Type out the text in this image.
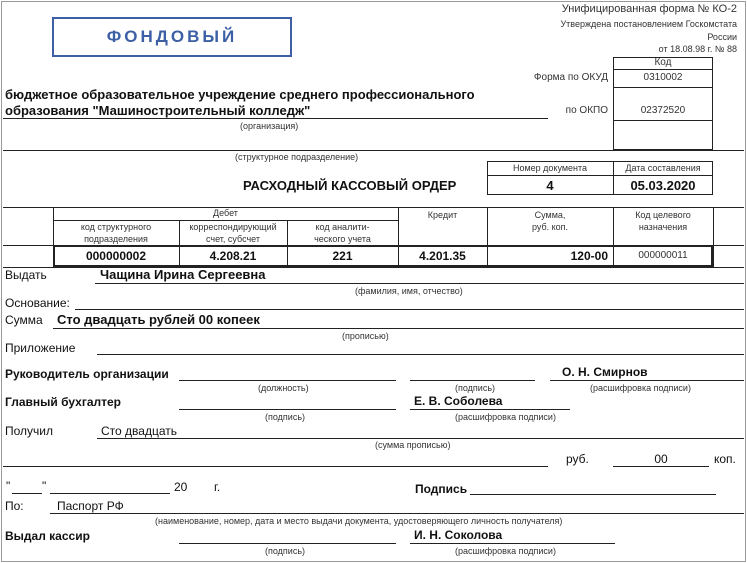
Унифицированная форма № КО-2
Утверждена постановлением Госкомстата
России
от 18.08.98 г. № 88
ФОНДОВЫЙ
Код
Форма по ОКУД	0310002
по ОКПО	02372520
бюджетное образовательное учреждение среднего профессионального
образования "Машиностроительный колледж"
(организация)
(структурное подразделение)
РАСХОДНЫЙ КАССОВЫЙ ОРДЕР
Номер документа	Дата составления
4	05.03.2020
Дебет
код структурного
подразделения
корреспондирующий
счет, субсчет
код аналити-
ческого учета
Кредит	Сумма,
руб. коп.
Код целевого
назначения
000000002	4.208.21	221	4.201.35	120-00	000000011
Выдать	Чащина Ирина Сергеевна
(фамилия, имя, отчество)
Основание:
Сумма Сто двадцать рублей 00 копеек
(прописью)
Приложение
Руководитель организации	О. Н. Смирнов
(должность)	(подпись)	(расшифровка подписи)
Главный бухгалтер	Е. В. Соболева
(подпись)	(расшифровка подписи)
Получил	Сто двадцать
(сумма прописью)
руб.	00	коп.
"	"	20 г.	Подпись
По:	Паспорт РФ
(наименование, номер, дата и место выдачи документа, удостоверяющего личность получателя)
Выдал кассир	И. Н. Соколова
(подпись)	(расшифровка подписи)
